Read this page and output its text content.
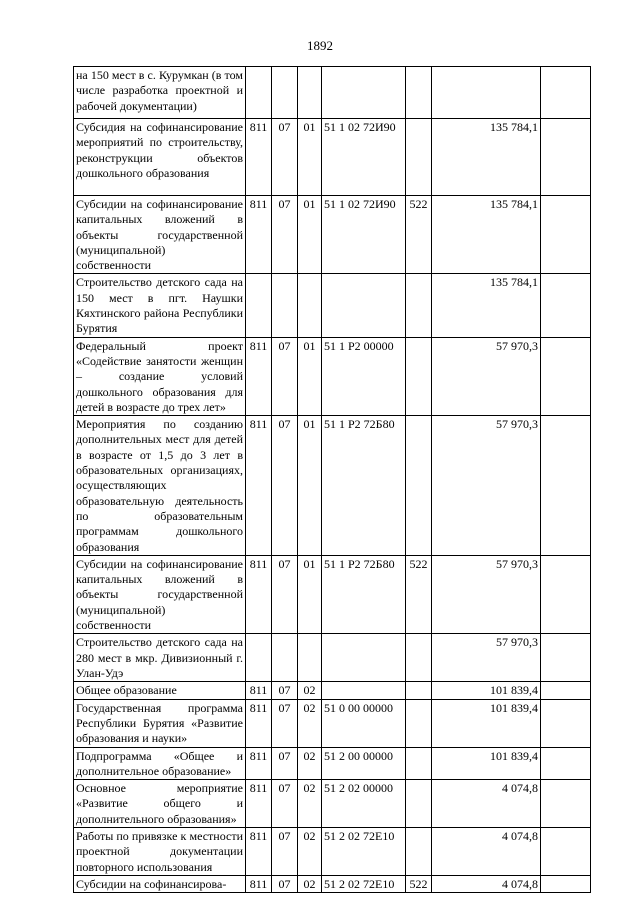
1892
на 150 мест в с. Курумкан (в том числе разработка проектной и рабочей документации)							
Субсидия на софинансирование мероприятий по строительству, реконструкции объектов дошкольного образования	811	07	01	51 1 02 72И90		135 784,1	
Субсидии на софинансирование капитальных вложений в объекты государственной (муниципальной) собственности	811	07	01	51 1 02 72И90	522	135 784,1	
Строительство детского сада на 150 мест в пгт. Наушки Кяхтинского района Республики Бурятия						135 784,1	
Федеральный проект «Содействие занятости женщин – создание условий дошкольного образования для детей в возрасте до трех лет»	811	07	01	51 1 P2 00000		57 970,3	
Мероприятия по созданию дополнительных мест для детей в возрасте от 1,5 до 3 лет в образовательных организациях, осуществляющих образовательную деятельность по образовательным программам дошкольного образования	811	07	01	51 1 P2 72Б80		57 970,3	
Субсидии на софинансирование капитальных вложений в объекты государственной (муниципальной) собственности	811	07	01	51 1 P2 72Б80	522	57 970,3	
Строительство детского сада на 280 мест в мкр. Дивизионный г. Улан-Удэ						57 970,3	
Общее образование	811	07	02			101 839,4	
Государственная программа Республики Бурятия «Развитие образования и науки»	811	07	02	51 0 00 00000		101 839,4	
Подпрограмма «Общее и дополнительное образование»	811	07	02	51 2 00 00000		101 839,4	
Основное мероприятие «Развитие общего и дополнительного образования»	811	07	02	51 2 02 00000		4 074,8	
Работы по привязке к местности проектной документации повторного использования	811	07	02	51 2 02 72Е10		4 074,8	
Субсидии на софинансирова-	811	07	02	51 2 02 72Е10	522	4 074,8	
